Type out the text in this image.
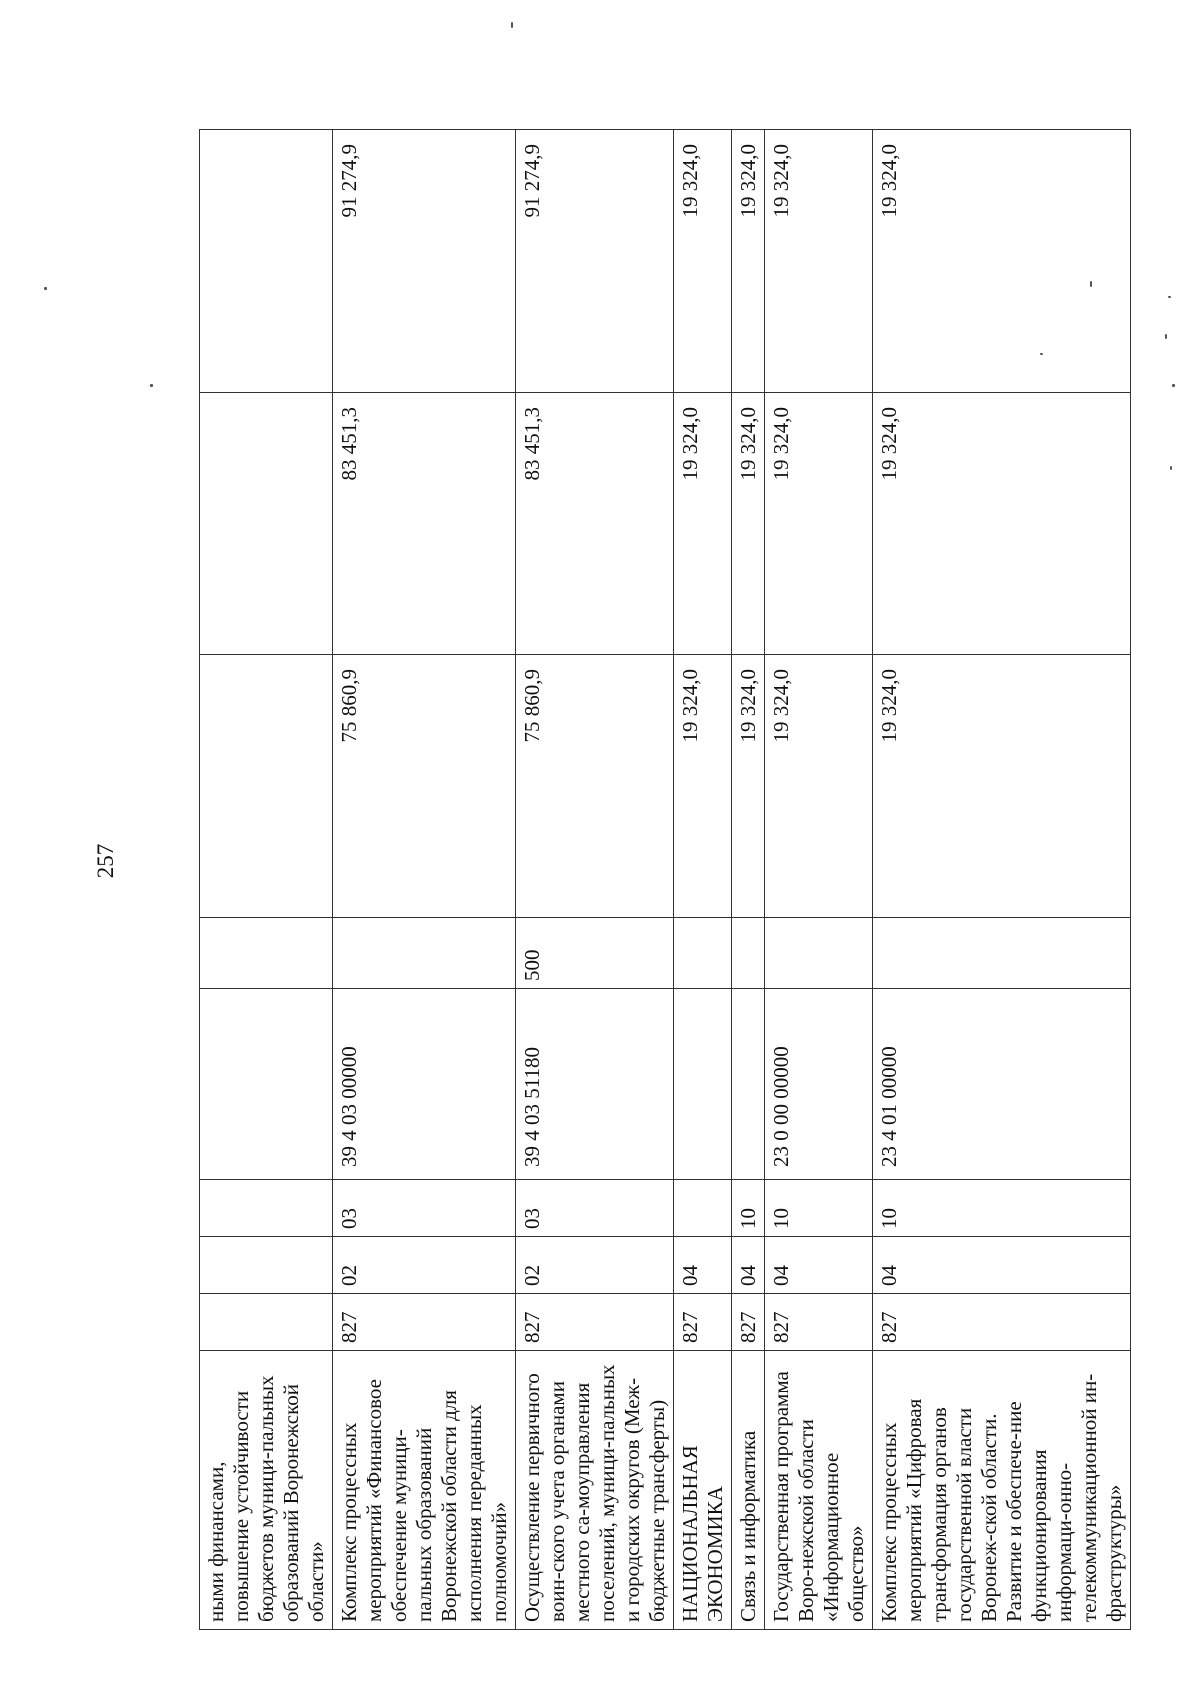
257
ными финансами, повышение устойчивости бюджетов муници-пальных образований Воронежской области»								
Комплекс процессных мероприятий «Финансовое обеспечение муници-пальных образований Воронежской области для исполнения переданных полномочий»	827	02	03	39 4 03 00000		75 860,9	83 451,3	91 274,9
Осуществление первичного воин-ского учета органами местного са-моуправления поселений, муници-пальных и городских округов (Меж-бюджетные трансферты)	827	02	03	39 4 03 51180	500	75 860,9	83 451,3	91 274,9
НАЦИОНАЛЬНАЯ ЭКОНОМИКА	827	04				19 324,0	19 324,0	19 324,0
Связь и информатика	827	04	10			19 324,0	19 324,0	19 324,0
Государственная программа Воро-нежской области «Информационное общество»	827	04	10	23 0 00 00000		19 324,0	19 324,0	19 324,0
Комплекс процессных мероприятий «Цифровая трансформация органов государственной власти Воронеж-ской области. Развитие и обеспече-ние функционирования информаци-онно-телекоммуникационной ин-фраструктуры»	827	04	10	23 4 01 00000		19 324,0	19 324,0	19 324,0
